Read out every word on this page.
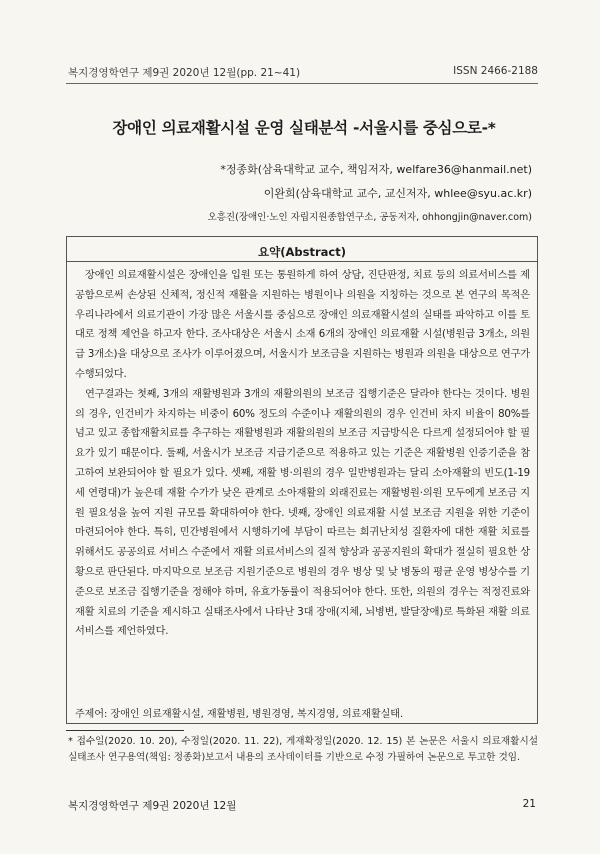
복지경영학연구 제9권 2020년 12월(pp. 21~41)	ISSN 2466-2188
장애인 의료재활시설 운영 실태분석 -서울시를 중심으로-*
*정종화(삼육대학교 교수, 책임저자, welfare36@hanmail.net)
이완희(삼육대학교 교수, 교신저자, whlee@syu.ac.kr)
오흥진(장애인·노인 자립지원종합연구소, 공동저자, ohhongjin@naver.com)
요약(Abstract)

장애인 의료재활시설은 장애인을 입원 또는 통원하게 하여 상담, 진단판정, 치료 등의 의료서비스를 제공함으로써 손상된 신체적, 정신적 재활을 지원하는 병원이나 의원을 지칭하는 것으로 본 연구의 목적은 우리나라에서 의료기관이 가장 많은 서울시를 중심으로 장애인 의료재활시설의 실태를 파악하고 이를 토대로 정책 제언을 하고자 한다. 조사대상은 서울시 소재 6개의 장애인 의료재활 시설(병원급 3개소, 의원급 3개소)을 대상으로 조사가 이루어졌으며, 서울시가 보조금을 지원하는 병원과 의원을 대상으로 연구가 수행되었다.

연구결과는 첫째, 3개의 재활병원과 3개의 재활의원의 보조금 집행기준은 달라야 한다는 것이다. 병원의 경우, 인건비가 차지하는 비중이 60% 정도의 수준이나 재활의원의 경우 인건비 차지 비율이 80%를 넘고 있고 종합재활치료를 추구하는 재활병원과 재활의원의 보조금 지급방식은 다르게 설정되어야 할 필요가 있기 때문이다. 둘째, 서울시가 보조금 지급기준으로 적용하고 있는 기준은 재활병원 인증기준을 참고하여 보완되어야 할 필요가 있다. 셋째, 재활 병·의원의 경우 일반병원과는 달리 소아재활의 빈도(1-19세 연령대)가 높은데 재활 수가가 낮은 관계로 소아재활의 외래진료는 재활병원·의원 모두에게 보조금 지원 필요성을 높여 지원 규모를 확대하여야 한다. 넷째, 장애인 의료재활 시설 보조금 지원을 위한 기준이 마련되어야 한다. 특히, 민간병원에서 시행하기에 부담이 따르는 희귀난치성 질환자에 대한 재활 치료를 위해서도 공공의료 서비스 수준에서 재활 의료서비스의 질적 향상과 공공지원의 확대가 절실히 필요한 상황으로 판단된다. 마지막으로 보조금 지원기준으로 병원의 경우 병상 및 낮 병동의 평균 운영 병상수를 기준으로 보조금 집행기준을 정해야 하며, 유효가동률이 적용되어야 한다. 또한, 의원의 경우는 적정진료와 재활 치료의 기준을 제시하고 실태조사에서 나타난 3대 장애(지체, 뇌병변, 발달장애)로 특화된 재활 의료서비스를 제언하였다.

주제어: 장애인 의료재활시설, 재활병원, 병원경영, 복지경영, 의료재활실태.
* 접수일(2020. 10. 20), 수정일(2020. 11. 22), 게재확정일(2020. 12. 15) 본 논문은 서울시 의료재활시설 실태조사 연구용역(책임: 정종화)보고서 내용의 조사데이터를 기반으로 수정 가필하여 논문으로 투고한 것임.
복지경영학연구 제9권 2020년 12월	21
